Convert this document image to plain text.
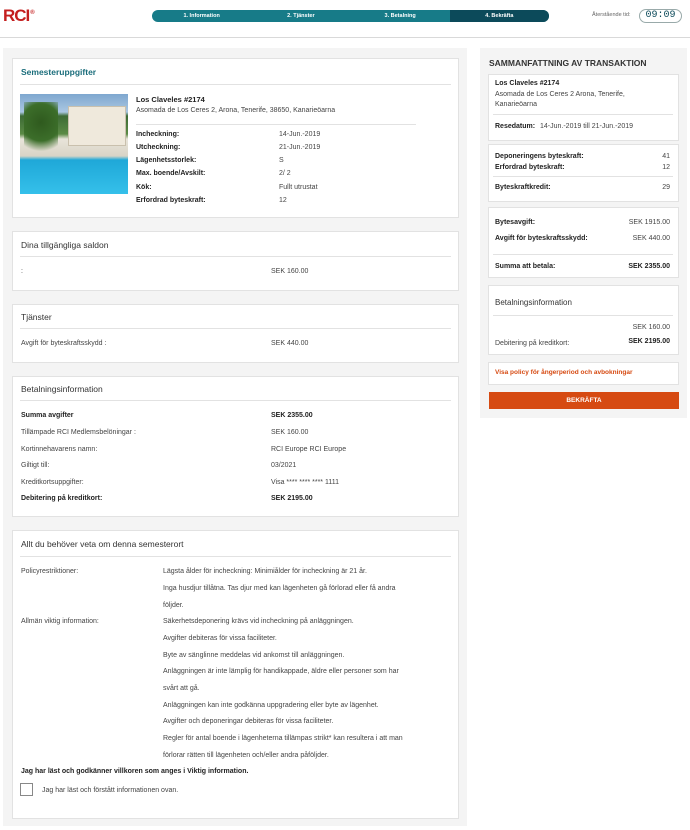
RCI®	1. Information	2. Tjänster	3. Betalning	4. Bekräfta	Återstående tid:	09:09
Semesteruppgifter
Los Claveles #2174
Asomada de Los Ceres 2, Arona, Tenerife, 38650, Kanarieöarna
Incheckning:	14-Jun.-2019
Utcheckning:	21-Jun.-2019
Lägenhetsstorlek:	S
Max. boende/Avskilt:	2/ 2
Kök:	Fullt utrustat
Erfordrad byteskraft:	12
Dina tillgängliga saldon
:	SEK 160.00
Tjänster
Avgift för byteskraftsskydd :	SEK 440.00
Betalningsinformation
Summa avgifter	SEK 2355.00
Tillämpade RCI Medlemsbelöningar :	SEK 160.00
Kortinnehavarens namn:	RCI Europe RCI Europe
Giltigt till:	03/2021
Kreditkortsuppgifter:	Visa **** **** **** 1111
Debitering på kreditkort:	SEK 2195.00
Allt du behöver veta om denna semesterort
Policyrestriktioner:	Lägsta ålder för incheckning: Minimiålder för incheckning är 21 år.
Inga husdjur tillåtna. Tas djur med kan lägenheten gå förlorad eller få andra
följder.
Allmän viktig information:	Säkerhetsdeponering krävs vid incheckning på anläggningen.
Avgifter debiteras för vissa faciliteter.
Byte av sänglinne meddelas vid ankomst till anläggningen.
Anläggningen är inte lämplig för handikappade, äldre eller personer som har
svårt att gå.
Anläggningen kan inte godkänna uppgradering eller byte av lägenhet.
Avgifter och deponeringar debiteras för vissa faciliteter.
Regler för antal boende i lägenheterna tillämpas strikt* kan resultera i att man
förlorar rätten till lägenheten och/eller andra påföljder.
Jag har läst och godkänner villkoren som anges i Viktig information.
Jag har läst och förstått informationen ovan.
SAMMANFATTNING AV TRANSAKTION
Los Claveles #2174
Asomada de Los Ceres 2 Arona, Tenerife,
Kanarieöarna
Resedatum: 14-Jun.-2019 till 21-Jun.-2019
Deponeringens byteskraft:	41
Erfordrad byteskraft:	12
Byteskraftkredit:	29
Bytesavgift:	SEK 1915.00
Avgift för byteskraftsskydd:	SEK 440.00
Summa att betala:	SEK 2355.00
Betalningsinformation
SEK 160.00
Debitering på kreditkort:	SEK 2195.00
Visa policy för ångerperiod och avbokningar
BEKRÄFTA
